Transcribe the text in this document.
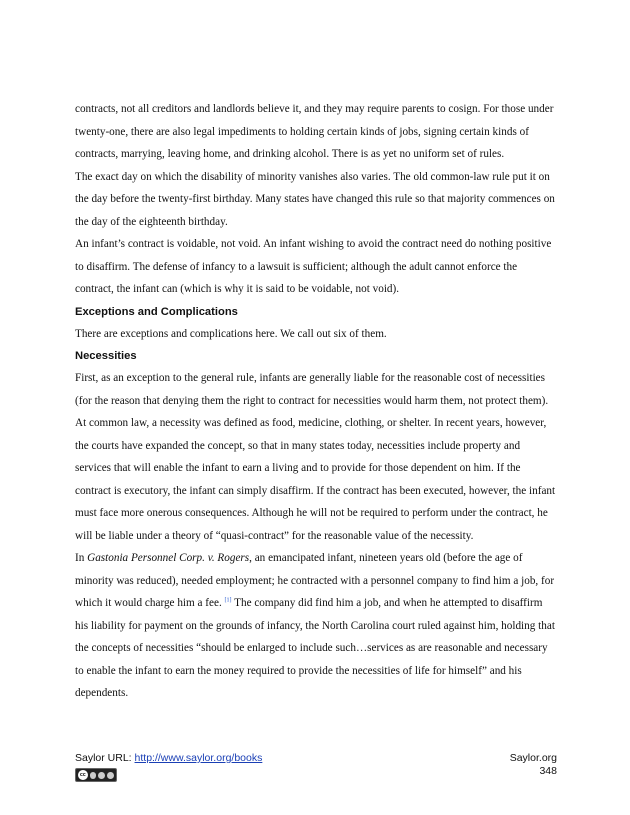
contracts, not all creditors and landlords believe it, and they may require parents to cosign. For those under twenty-one, there are also legal impediments to holding certain kinds of jobs, signing certain kinds of contracts, marrying, leaving home, and drinking alcohol. There is as yet no uniform set of rules.

The exact day on which the disability of minority vanishes also varies. The old common-law rule put it on the day before the twenty-first birthday. Many states have changed this rule so that majority commences on the day of the eighteenth birthday.

An infant’s contract is voidable, not void. An infant wishing to avoid the contract need do nothing positive to disaffirm. The defense of infancy to a lawsuit is sufficient; although the adult cannot enforce the contract, the infant can (which is why it is said to be voidable, not void).

Exceptions and Complications

There are exceptions and complications here. We call out six of them.

Necessities

First, as an exception to the general rule, infants are generally liable for the reasonable cost of necessities (for the reason that denying them the right to contract for necessities would harm them, not protect them). At common law, a necessity was defined as food, medicine, clothing, or shelter. In recent years, however, the courts have expanded the concept, so that in many states today, necessities include property and services that will enable the infant to earn a living and to provide for those dependent on him. If the contract is executory, the infant can simply disaffirm. If the contract has been executed, however, the infant must face more onerous consequences. Although he will not be required to perform under the contract, he will be liable under a theory of “quasi-contract” for the reasonable value of the necessity.

In Gastonia Personnel Corp. v. Rogers, an emancipated infant, nineteen years old (before the age of minority was reduced), needed employment; he contracted with a personnel company to find him a job, for which it would charge him a fee. [1] The company did find him a job, and when he attempted to disaffirm his liability for payment on the grounds of infancy, the North Carolina court ruled against him, holding that the concepts of necessities “should be enlarged to include such…services as are reasonable and necessary to enable the infant to earn the money required to provide the necessities of life for himself” and his dependents.

Saylor URL: http://www.saylor.org/books	Saylor.org
348
cc
